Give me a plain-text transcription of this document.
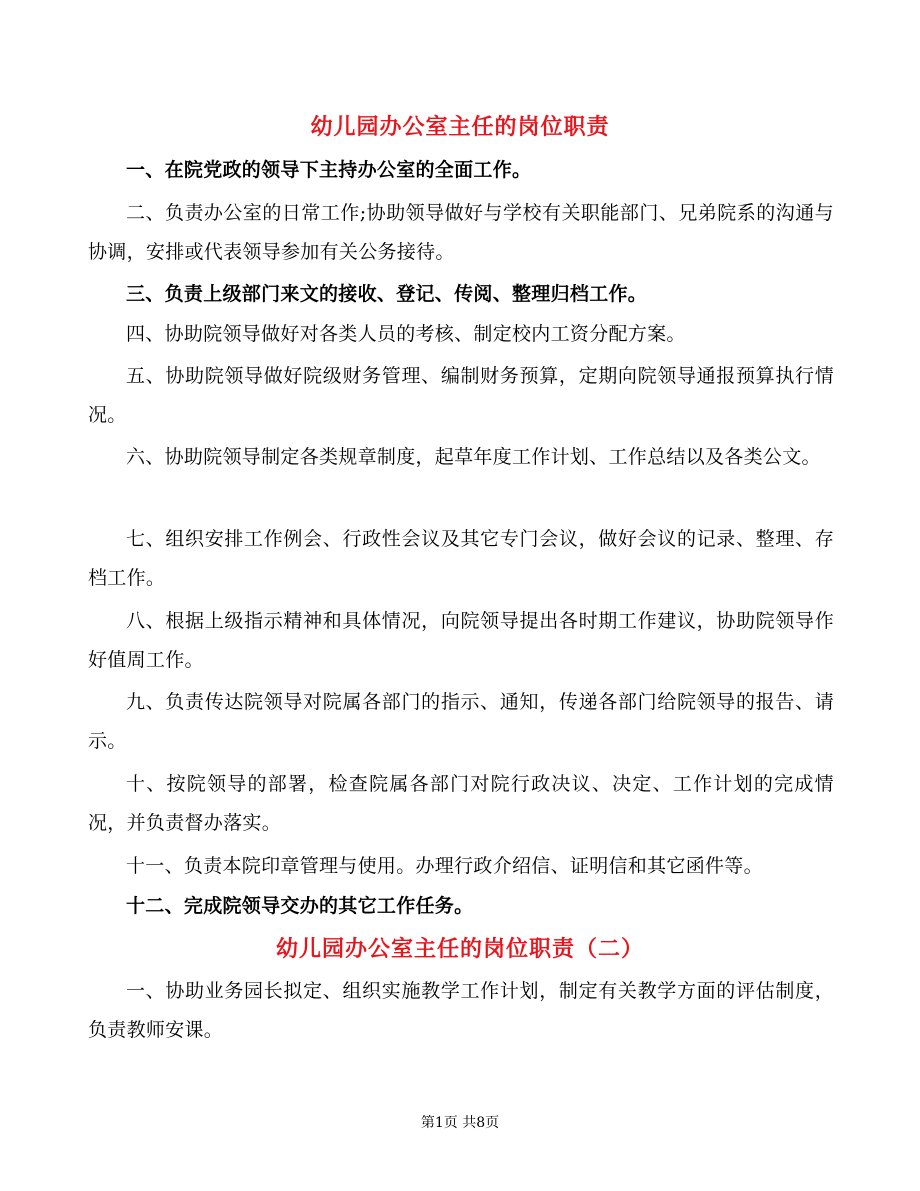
幼儿园办公室主任的岗位职责
一、在院党政的领导下主持办公室的全面工作。
二、负责办公室的日常工作;协助领导做好与学校有关职能部门、兄弟院系的沟通与协调，安排或代表领导参加有关公务接待。
三、负责上级部门来文的接收、登记、传阅、整理归档工作。
四、协助院领导做好对各类人员的考核、制定校内工资分配方案。
五、协助院领导做好院级财务管理、编制财务预算，定期向院领导通报预算执行情况。
六、协助院领导制定各类规章制度，起草年度工作计划、工作总结以及各类公文。
七、组织安排工作例会、行政性会议及其它专门会议，做好会议的记录、整理、存档工作。
八、根据上级指示精神和具体情况，向院领导提出各时期工作建议，协助院领导作好值周工作。
九、负责传达院领导对院属各部门的指示、通知，传递各部门给院领导的报告、请示。
十、按院领导的部署，检查院属各部门对院行政决议、决定、工作计划的完成情况，并负责督办落实。
十一、负责本院印章管理与使用。办理行政介绍信、证明信和其它函件等。
十二、完成院领导交办的其它工作任务。
幼儿园办公室主任的岗位职责（二）
一、协助业务园长拟定、组织实施教学工作计划，制定有关教学方面的评估制度，负责教师安课。
第1页 共8页
